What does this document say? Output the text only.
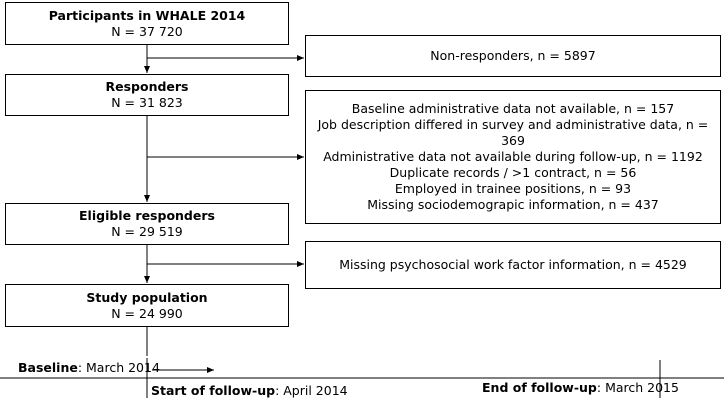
Participants in WHALE 2014
N = 37 720
Responders
N = 31 823
Eligible responders
N = 29 519
Study population
N = 24 990
Non-responders, n = 5897
Baseline administrative data not available, n = 157
Job description differed in survey and administrative data, n = 369
Administrative data not available during follow-up, n = 1192
Duplicate records / >1 contract, n = 56
Employed in trainee positions, n = 93
Missing sociodemograpic information, n = 437
Missing psychosocial work factor information, n = 4529
Baseline: March 2014
Start of follow-up: April 2014	End of follow-up: March 2015
